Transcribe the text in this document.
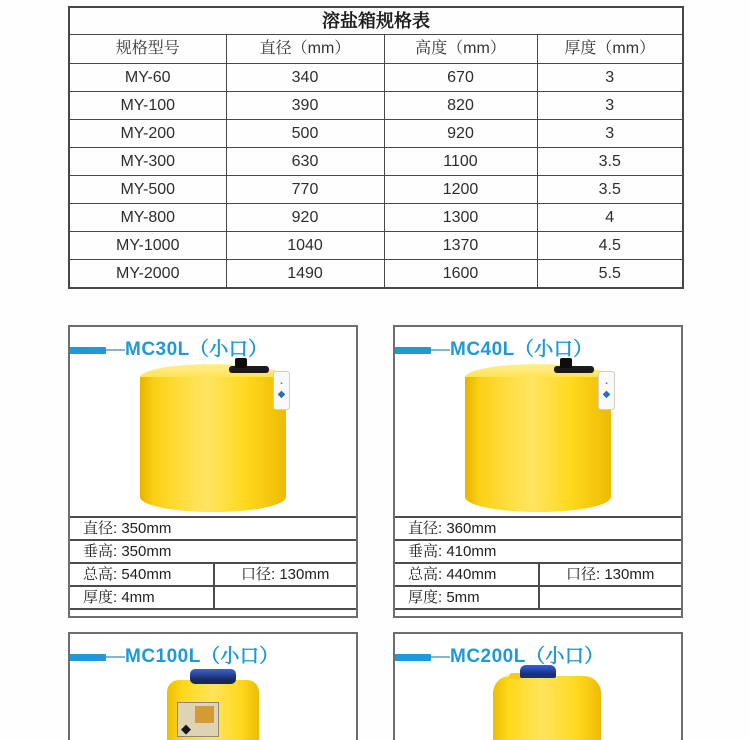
溶盐箱规格表			
规格型号	直径（mm）	高度（mm）	厚度（mm）
MY-60	340	670	3
MY-100	390	820	3
MY-200	500	920	3
MY-300	630	1100	3.5
MY-500	770	1200	3.5
MY-800	920	1300	4
MY-1000	1040	1370	4.5
MY-2000	1490	1600	5.5
MC30L（小口）
▪
◆
直径: 350mm
垂高: 350mm
总高: 540mm	口径: 130mm
厚度: 4mm
MC40L（小口）
▪
◆
直径: 360mm
垂高: 410mm
总高: 440mm	口径: 130mm
厚度: 5mm
MC100L（小口）
◆
MC200L（小口）
